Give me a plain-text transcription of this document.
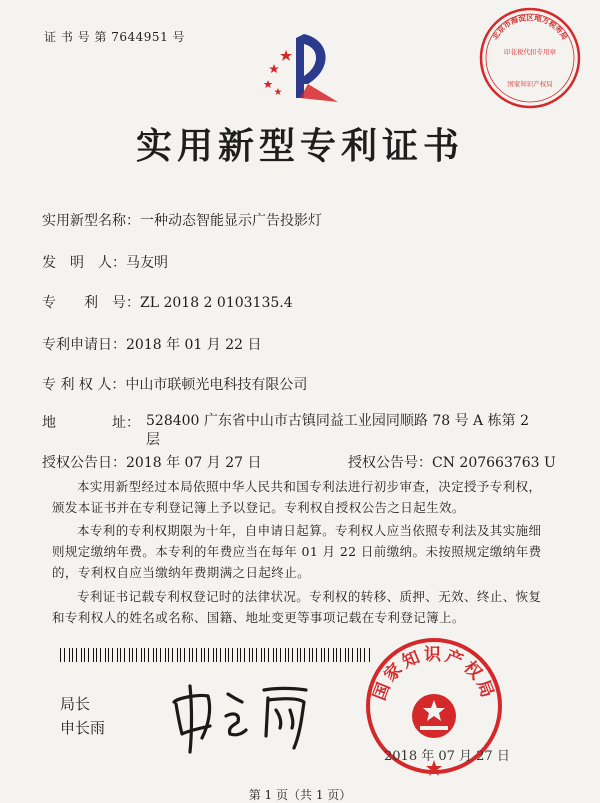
证 书 号 第 7644951 号	北京市海淀区地方税务局
印花税代扣专用章
国家知识产权局
实用新型专利证书
实用新型名称：一种动态智能显示广告投影灯
发　明　人：马友明
专　　利　号：ZL 2018 2 0103135.4
专利申请日：2018 年 01 月 22 日
专 利 权 人：中山市联顿光电科技有限公司
地　　　　址： 528400 广东省中山市古镇同益工业园同顺路 78 号 A 栋第 2 层
授权公告日：2018 年 07 月 27 日	授权公告号：CN 207663763 U
本实用新型经过本局依照中华人民共和国专利法进行初步审查，决定授予专利权，颁发本证书并在专利登记簿上予以登记。专利权自授权公告之日起生效。
本专利的专利权期限为十年，自申请日起算。专利权人应当依照专利法及其实施细则规定缴纳年费。本专利的年费应当在每年 01 月 22 日前缴纳。未按照规定缴纳年费的，专利权自应当缴纳年费期满之日起终止。
专利证书记载专利权登记时的法律状况。专利权的转移、质押、无效、终止、恢复和专利权人的姓名或名称、国籍、地址变更等事项记载在专利登记簿上。
局长
申长雨
国家知识产权局
2018 年 07 月 27 日
第 1 页（共 1 页）
